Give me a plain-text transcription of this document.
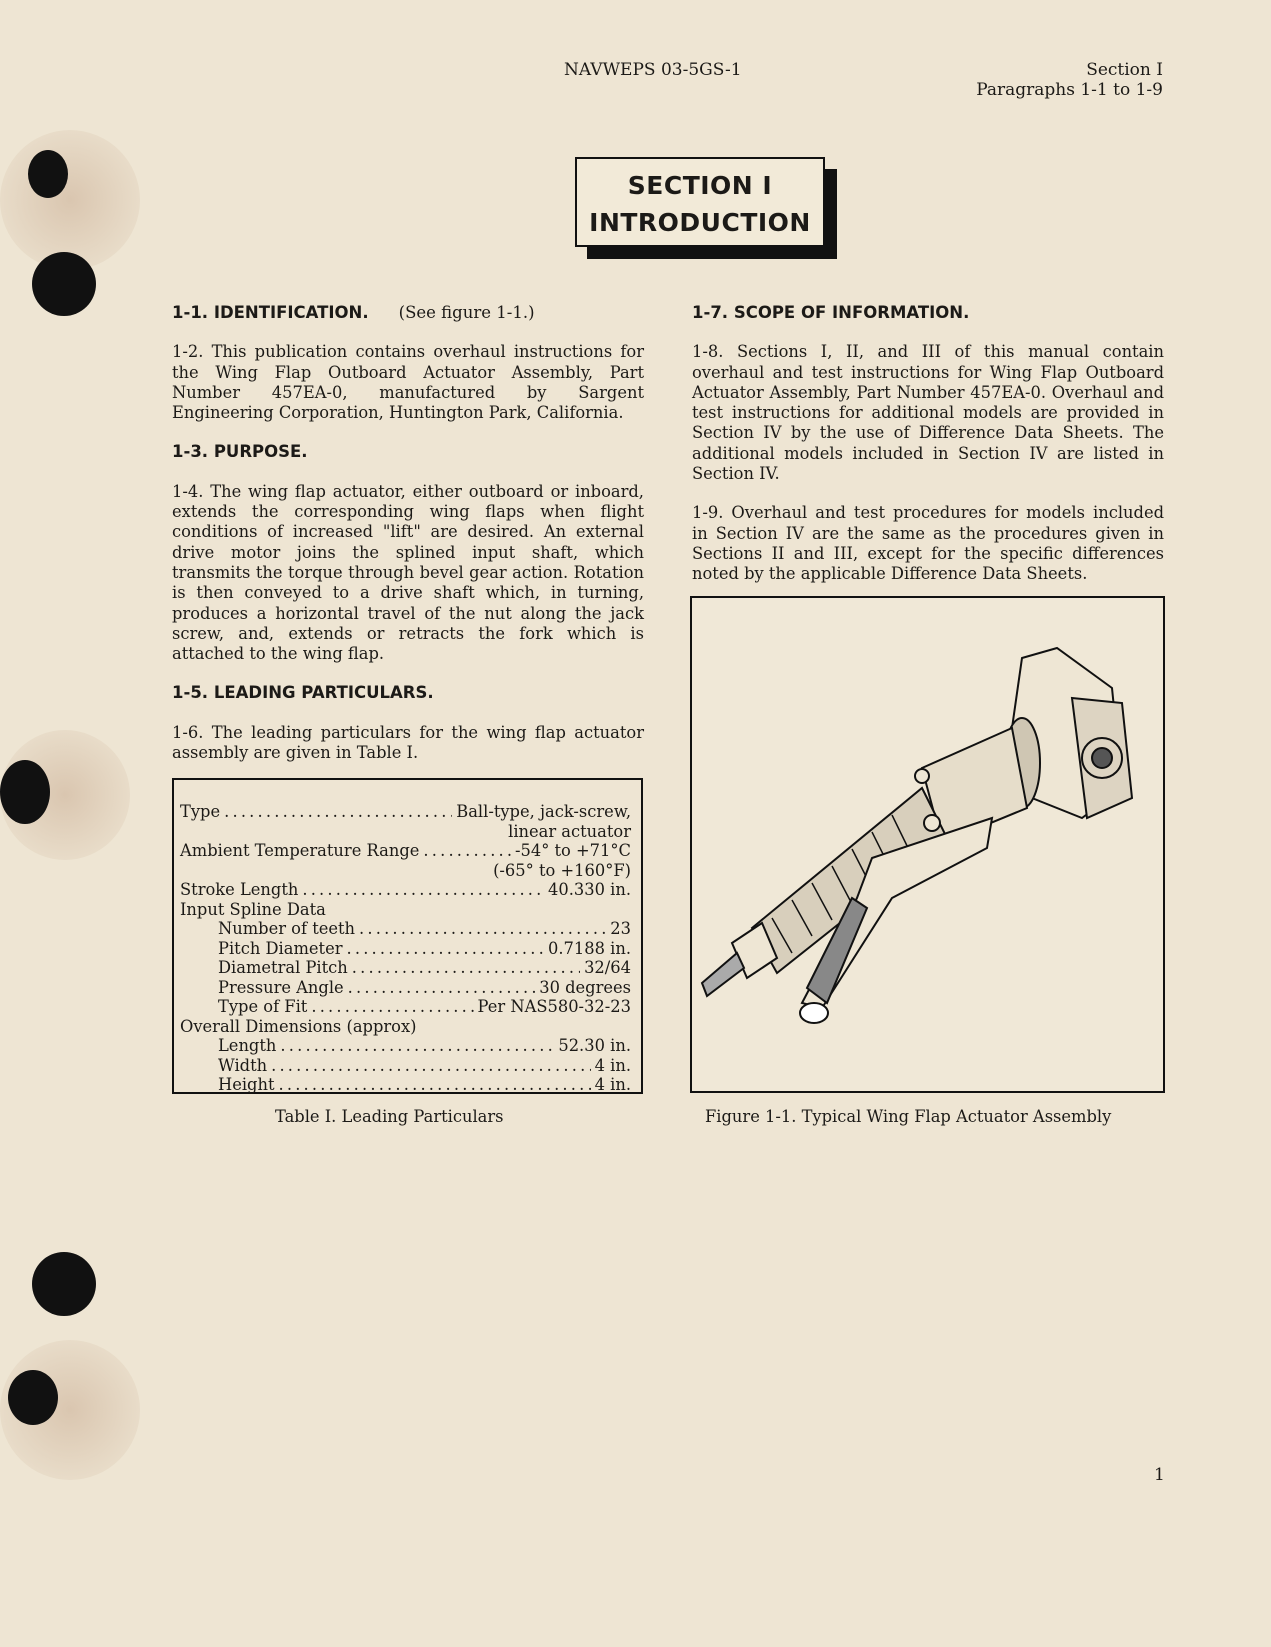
NAVWEPS 03-5GS-1	Section I
Paragraphs 1-1 to 1-9
SECTION I
INTRODUCTION
1-1. IDENTIFICATION. (See figure 1-1.)

1-2. This publication contains overhaul instructions for the Wing Flap Outboard Actuator Assembly, Part Number 457EA-0, manufactured by Sargent Engineering Corporation, Huntington Park, California.

1-3. PURPOSE.

1-4. The wing flap actuator, either outboard or inboard, extends the corresponding wing flaps when flight conditions of increased "lift" are desired. An external drive motor joins the splined input shaft, which transmits the torque through bevel gear action. Rotation is then conveyed to a drive shaft which, in turning, produces a horizontal travel of the nut along the jack screw, and, extends or retracts the fork which is attached to the wing flap.

1-5. LEADING PARTICULARS.

1-6. The leading particulars for the wing flap actuator assembly are given in Table I.

Type . . .	Ball-type, jack-screw,
linear actuator
Ambient Temperature Range . . .	-54° to +71°C
(-65° to +160°F)
Stroke Length . . .	40.330 in.
Input Spline Data
Number of teeth . . .	23
Pitch Diameter . . .	0.7188 in.
Diametral Pitch . . .	32/64
Pressure Angle . . .	30 degrees
Type of Fit . . .	Per NAS580-32-23
Overall Dimensions (approx)
Length . . .	52.30 in.
Width . . .	4 in.
Height . . .	4 in.
Table I. Leading Particulars
1-7. SCOPE OF INFORMATION.

1-8. Sections I, II, and III of this manual contain overhaul and test instructions for Wing Flap Outboard Actuator Assembly, Part Number 457EA-0. Overhaul and test instructions for additional models are provided in Section IV by the use of Difference Data Sheets. The additional models included in Section IV are listed in Section IV.

1-9. Overhaul and test procedures for models included in Section IV are the same as the procedures given in Sections II and III, except for the specific differences noted by the applicable Difference Data Sheets.

Figure 1-1. Typical Wing Flap Actuator Assembly
1
